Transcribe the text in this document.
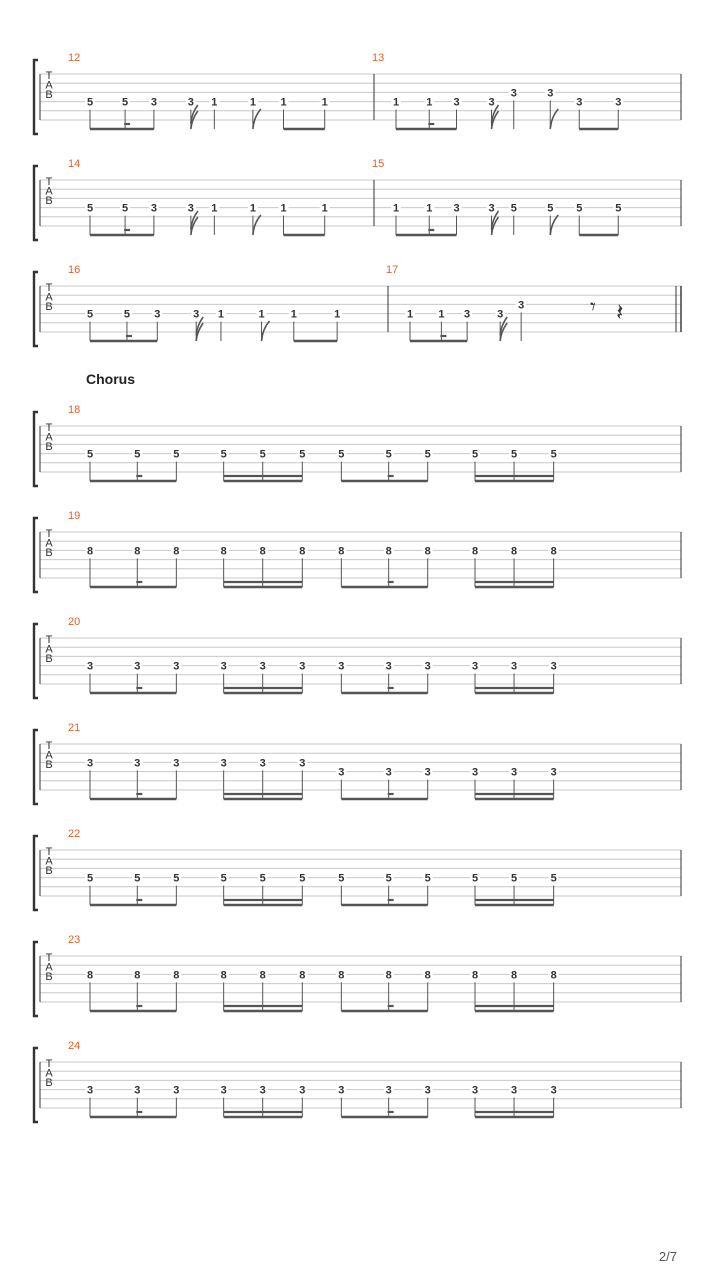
T
A
B
12
5	5 3	3 1	1 1	1
13
1 1 3	3
3	3
3	3
T
A
B
14
5	5 3	3 1	1 1	1
15
1 1 3	3 5	5 5	5
T
A
B
16
5	5 3	3 1	1 1	1
17
1 1 3 3
3	𝄾 𝄽
T
A
B
18
5	5	5	5	5	5	5	5	5	5	5	5
T
A
B
19
8	8	8	8	8	8	8	8	8	8	8	8
T
A
B
20
3	3	3	3	3	3	3	3	3	3	3	3
T
A
B
21
3	3	3	3	3	3
3	3	3	3	3	3
T
A
B
22
5	5	5	5	5	5	5	5	5	5	5	5
T
A
B
23
8	8	8	8	8	8	8	8	8	8	8	8
T
A
B
24
3	3	3	3	3	3	3	3	3	3	3	3
Chorus
2/7
